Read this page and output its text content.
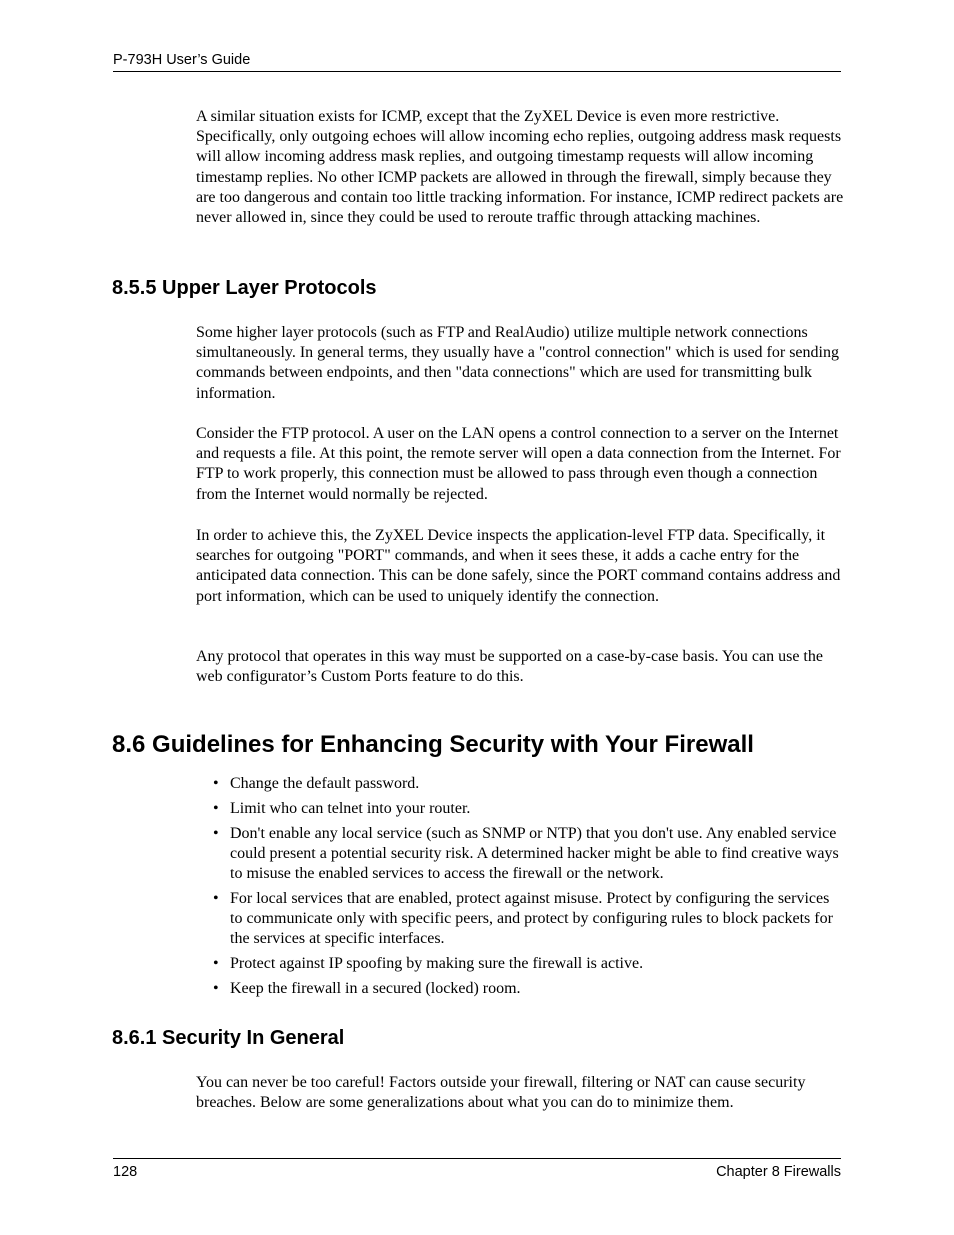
P-793H User’s Guide

A similar situation exists for ICMP, except that the ZyXEL Device is even more restrictive. Specifically, only outgoing echoes will allow incoming echo replies, outgoing address mask requests will allow incoming address mask replies, and outgoing timestamp requests will allow incoming timestamp replies. No other ICMP packets are allowed in through the firewall, simply because they are too dangerous and contain too little tracking information. For instance, ICMP redirect packets are never allowed in, since they could be used to reroute traffic through attacking machines.

8.5.5 Upper Layer Protocols

Some higher layer protocols (such as FTP and RealAudio) utilize multiple network connections simultaneously. In general terms, they usually have a "control connection" which is used for sending commands between endpoints, and then "data connections" which are used for transmitting bulk information.

Consider the FTP protocol. A user on the LAN opens a control connection to a server on the Internet and requests a file. At this point, the remote server will open a data connection from the Internet. For FTP to work properly, this connection must be allowed to pass through even though a connection from the Internet would normally be rejected.

In order to achieve this, the ZyXEL Device inspects the application-level FTP data. Specifically, it searches for outgoing "PORT" commands, and when it sees these, it adds a cache entry for the anticipated data connection. This can be done safely, since the PORT command contains address and port information, which can be used to uniquely identify the connection.

Any protocol that operates in this way must be supported on a case-by-case basis. You can use the web configurator’s Custom Ports feature to do this.

8.6 Guidelines for Enhancing Security with Your Firewall
• Change the default password.
• Limit who can telnet into your router.
• Don't enable any local service (such as SNMP or NTP) that you don't use. Any enabled service could present a potential security risk. A determined hacker might be able to find creative ways to misuse the enabled services to access the firewall or the network.
• For local services that are enabled, protect against misuse. Protect by configuring the services to communicate only with specific peers, and protect by configuring rules to block packets for the services at specific interfaces.
• Protect against IP spoofing by making sure the firewall is active.
• Keep the firewall in a secured (locked) room.
8.6.1 Security In General

You can never be too careful! Factors outside your firewall, filtering or NAT can cause security breaches. Below are some generalizations about what you can do to minimize them.

128	Chapter 8 Firewalls
